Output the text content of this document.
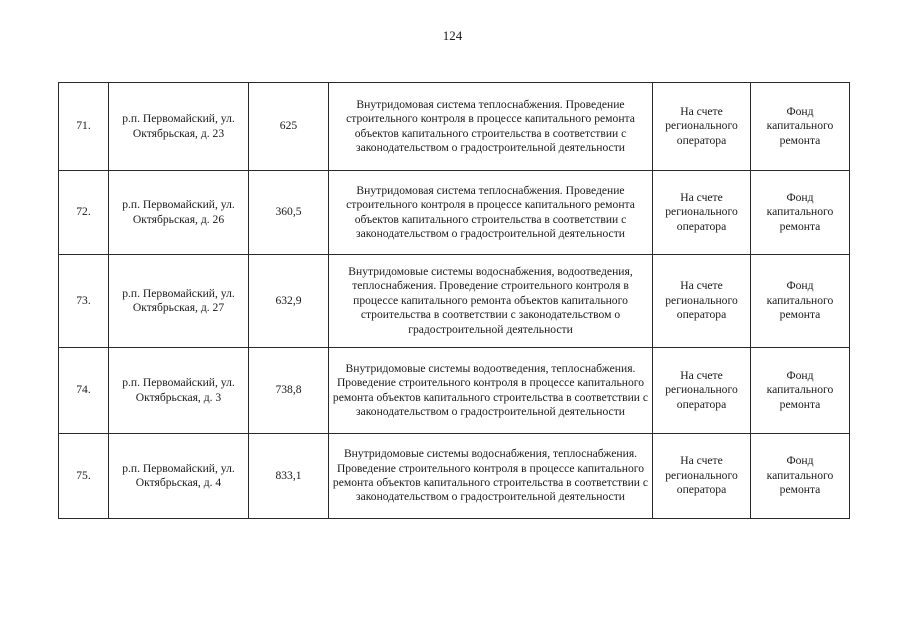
124
71.	р.п. Первомайский, ул. Октябрьская, д. 23	625	Внутридомовая система теплоснабжения. Проведение строительного контроля в процессе капитального ремонта объектов капитального строительства в соответствии с законодательством о градостроительной деятельности	На счете регионального оператора	Фонд капитального ремонта
72.	р.п. Первомайский, ул. Октябрьская, д. 26	360,5	Внутридомовая система теплоснабжения. Проведение строительного контроля в процессе капитального ремонта объектов капитального строительства в соответствии с законодательством о градостроительной деятельности	На счете регионального оператора	Фонд капитального ремонта
73.	р.п. Первомайский, ул. Октябрьская, д. 27	632,9	Внутридомовые системы водоснабжения, водоотведения, теплоснабжения. Проведение строительного контроля в процессе капитального ремонта объектов капитального строительства в соответствии с законодательством о градостроительной деятельности	На счете регионального оператора	Фонд капитального ремонта
74.	р.п. Первомайский, ул. Октябрьская, д. 3	738,8	Внутридомовые системы водоотведения, теплоснабжения. Проведение строительного контроля в процессе капитального ремонта объектов капитального строительства в соответствии с законодательством о градостроительной деятельности	На счете регионального оператора	Фонд капитального ремонта
75.	р.п. Первомайский, ул. Октябрьская, д. 4	833,1	Внутридомовые системы водоснабжения, теплоснабжения. Проведение строительного контроля в процессе капитального ремонта объектов капитального строительства в соответствии с законодательством о градостроительной деятельности	На счете регионального оператора	Фонд капитального ремонта
